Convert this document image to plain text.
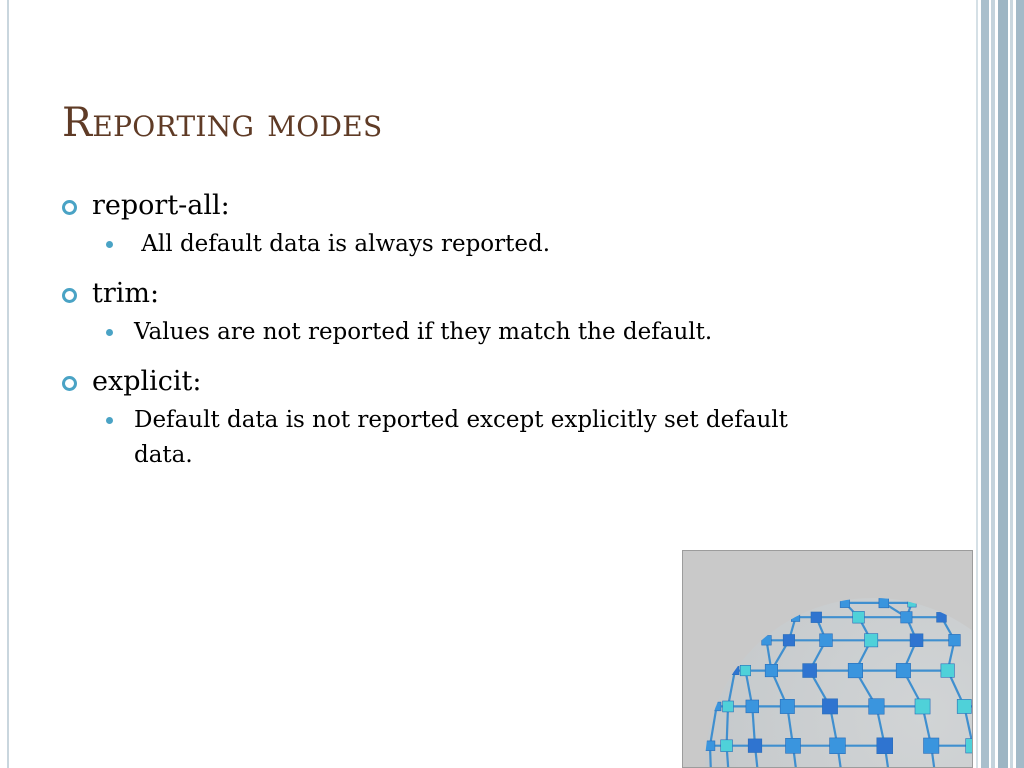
Reporting modes
report-all:
All default data is always reported.
trim:
Values are not reported if they match the default.
explicit:
Default data is not reported except explicitly set default data.
